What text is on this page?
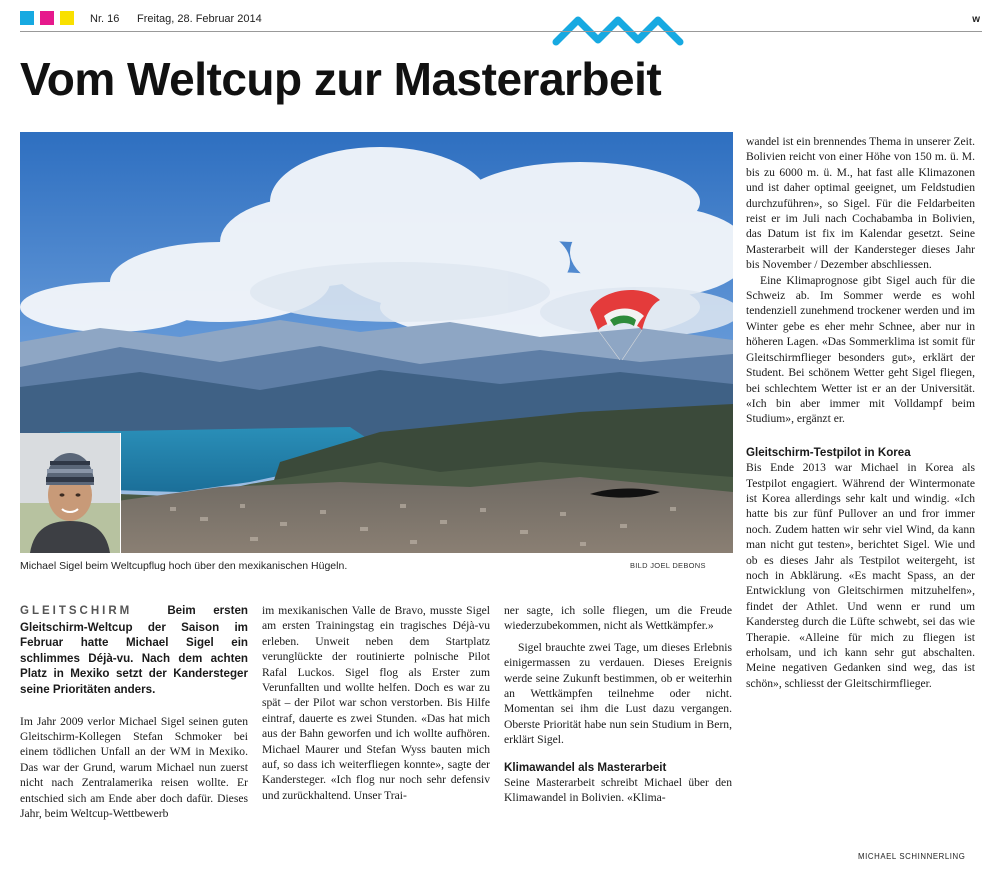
Nr. 16 Freitag, 28. Februar 2014	w
Vom Weltcup zur Masterarbeit
Michael Sigel beim Weltcupflug hoch über den mexikanischen Hügeln.	BILD JOEL DEBONS

GLEITSCHIRM	Beim ersten Gleitschirm-Weltcup der Saison im Februar hatte Michael Sigel ein schlimmes Déjà-vu. Nach dem achten Platz in Mexiko setzt der Kandersteger seine Prioritäten anders.

Im Jahr 2009 verlor Michael Sigel seinen guten Gleitschirm-Kollegen Stefan Schmoker bei einem tödlichen Unfall an der WM in Mexiko. Das war der Grund, warum Michael nun zuerst nicht nach Zentralamerika reisen wollte. Er entschied sich am Ende aber doch dafür. Dieses Jahr, beim Weltcup-Wettbewerb

im mexikanischen Valle de Bravo, musste Sigel am ersten Trainingstag ein tragisches Déjà-vu erleben. Unweit neben dem Startplatz verunglückte der routinierte polnische Pilot Rafal Luckos. Sigel flog als Erster zum Verunfallten und wollte helfen. Doch es war zu spät – der Pilot war schon verstorben. Bis Hilfe eintraf, dauerte es zwei Stunden. «Das hat mich aus der Bahn geworfen und ich wollte aufhören. Michael Maurer und Stefan Wyss bauten mich auf, so dass ich weiterfliegen konnte», sagte der Kandersteger. «Ich flog nur noch sehr defensiv und zurückhaltend. Unser Trai-

ner sagte, ich solle fliegen, um die Freude wiederzubekommen, nicht als Wettkämpfer.»

Sigel brauchte zwei Tage, um dieses Erlebnis einigermassen zu verdauen. Dieses Ereignis werde seine Zukunft bestimmen, ob er weiterhin an Wettkämpfen teilnehme oder nicht. Momentan sei ihm die Lust dazu vergangen. Oberste Priorität habe nun sein Studium in Bern, erklärt Sigel.

Klimawandel als Masterarbeit

Seine Masterarbeit schreibt Michael über den Klimawandel in Bolivien. «Klima-

wandel ist ein brennendes Thema in unserer Zeit. Bolivien reicht von einer Höhe von 150 m. ü. M. bis zu 6000 m. ü. M., hat fast alle Klimazonen und ist daher optimal geeignet, um Feldstudien durchzuführen», so Sigel. Für die Feldarbeiten reist er im Juli nach Cochabamba in Bolivien, das Datum ist fix im Kalendar gesetzt. Seine Masterarbeit will der Kandersteger dieses Jahr bis November / Dezember abschliessen.

Eine Klimaprognose gibt Sigel auch für die Schweiz ab. Im Sommer werde es wohl tendenziell zunehmend trockener werden und im Winter gebe es eher mehr Schnee, aber nur in höheren Lagen. «Das Sommerklima ist somit für Gleitschirmflieger besonders gut», erklärt der Student. Bei schönem Wetter geht Sigel fliegen, bei schlechtem Wetter ist er an der Universität. «Ich bin aber immer mit Volldampf beim Studium», ergänzt er.

Gleitschirm-Testpilot in Korea

Bis Ende 2013 war Michael in Korea als Testpilot engagiert. Während der Wintermonate ist Korea allerdings sehr kalt und windig. «Ich hatte bis zur fünf Pullover an und fror immer noch. Zudem hatten wir sehr viel Wind, da kann man nicht gut testen», berichtet Sigel. Wie und ob es dieses Jahr als Testpilot weitergeht, ist noch in Abklärung. «Es macht Spass, an der Entwicklung von Gleitschirmen mitzuhelfen», findet der Athlet. Und wenn er rund um Kandersteg durch die Lüfte schwebt, sei das wie Therapie. «Alleine für mich zu fliegen ist erholsam, und ich kann sehr gut abschalten. Meine negativen Gedanken sind weg, das ist schön», schliesst der Gleitschirmflieger.

MICHAEL SCHINNERLING
